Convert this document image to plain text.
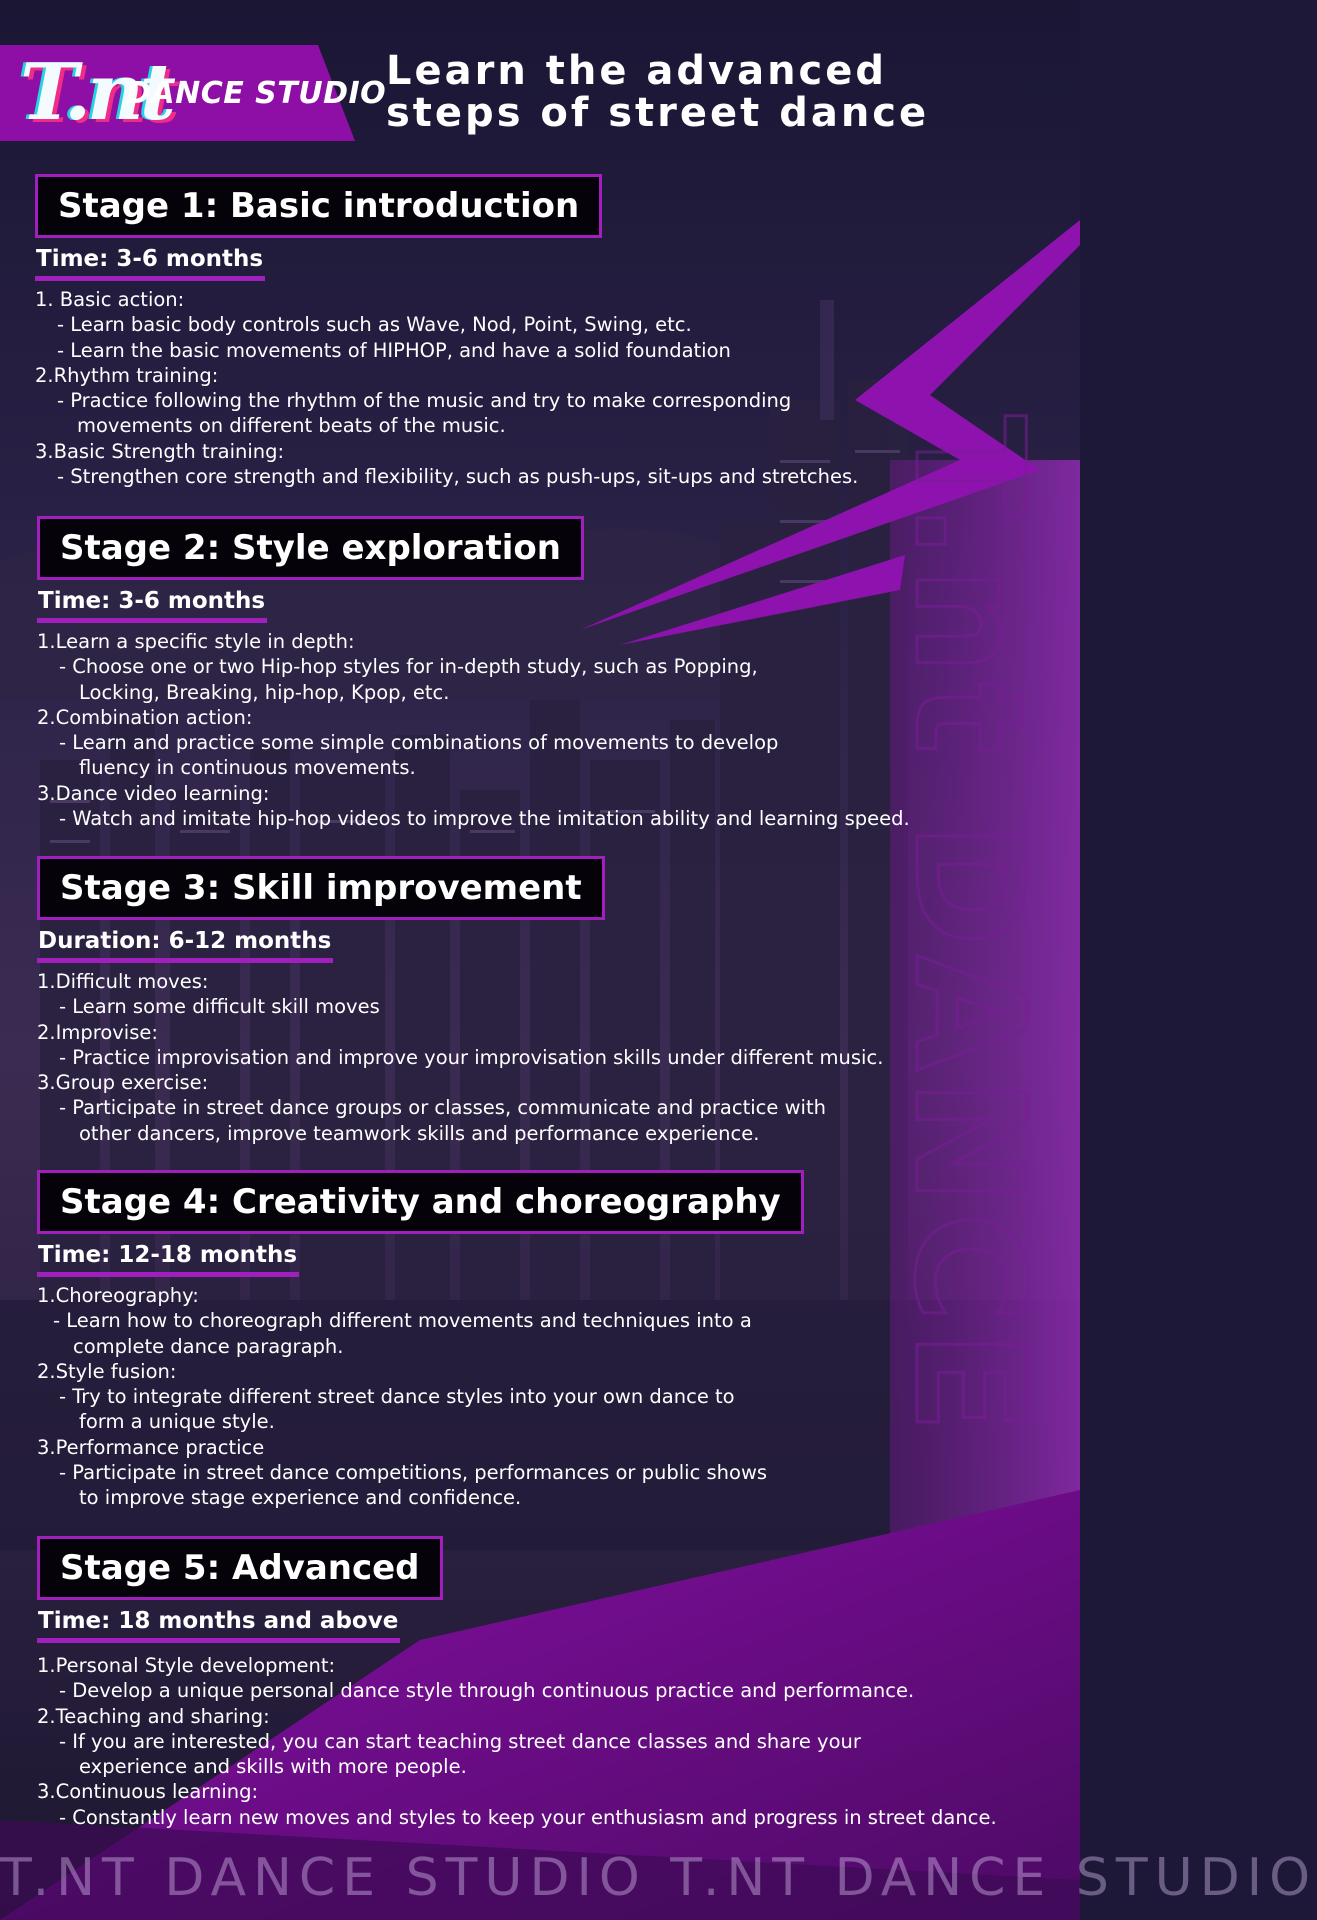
T.nt DANCE
T.nt
DANCE STUDIO Learn the advanced
steps of street dance
Stage 1: Basic introduction
Time: 3-6 months
1. Basic action:
- Learn basic body controls such as Wave, Nod, Point, Swing, etc.
- Learn the basic movements of HIPHOP, and have a solid foundation
2.Rhythm training:
- Practice following the rhythm of the music and try to make corresponding
movements on different beats of the music.
3.Basic Strength training:
- Strengthen core strength and flexibility, such as push-ups, sit-ups and stretches.
Stage 2: Style exploration
Time: 3-6 months
1.Learn a specific style in depth:
- Choose one or two Hip-hop styles for in-depth study, such as Popping,
Locking, Breaking, hip-hop, Kpop, etc.
2.Combination action:
- Learn and practice some simple combinations of movements to develop
fluency in continuous movements.
3.Dance video learning:
- Watch and imitate hip-hop videos to improve the imitation ability and learning speed.
Stage 3: Skill improvement
Duration: 6-12 months
1.Difficult moves:
- Learn some difficult skill moves
2.Improvise:
- Practice improvisation and improve your improvisation skills under different music.
3.Group exercise:
- Participate in street dance groups or classes, communicate and practice with
other dancers, improve teamwork skills and performance experience.
Stage 4: Creativity and choreography
Time: 12-18 months
1.Choreography:
- Learn how to choreograph different movements and techniques into a
complete dance paragraph.
2.Style fusion:
- Try to integrate different street dance styles into your own dance to
form a unique style.
3.Performance practice
- Participate in street dance competitions, performances or public shows
to improve stage experience and confidence.
Stage 5: Advanced
Time: 18 months and above
1.Personal Style development:
- Develop a unique personal dance style through continuous practice and performance.
2.Teaching and sharing:
- If you are interested, you can start teaching street dance classes and share your
experience and skills with more people.
3.Continuous learning:
- Constantly learn new moves and styles to keep your enthusiasm and progress in street dance.
T.NT DANCE STUDIO T.NT DANCE STUDIO
